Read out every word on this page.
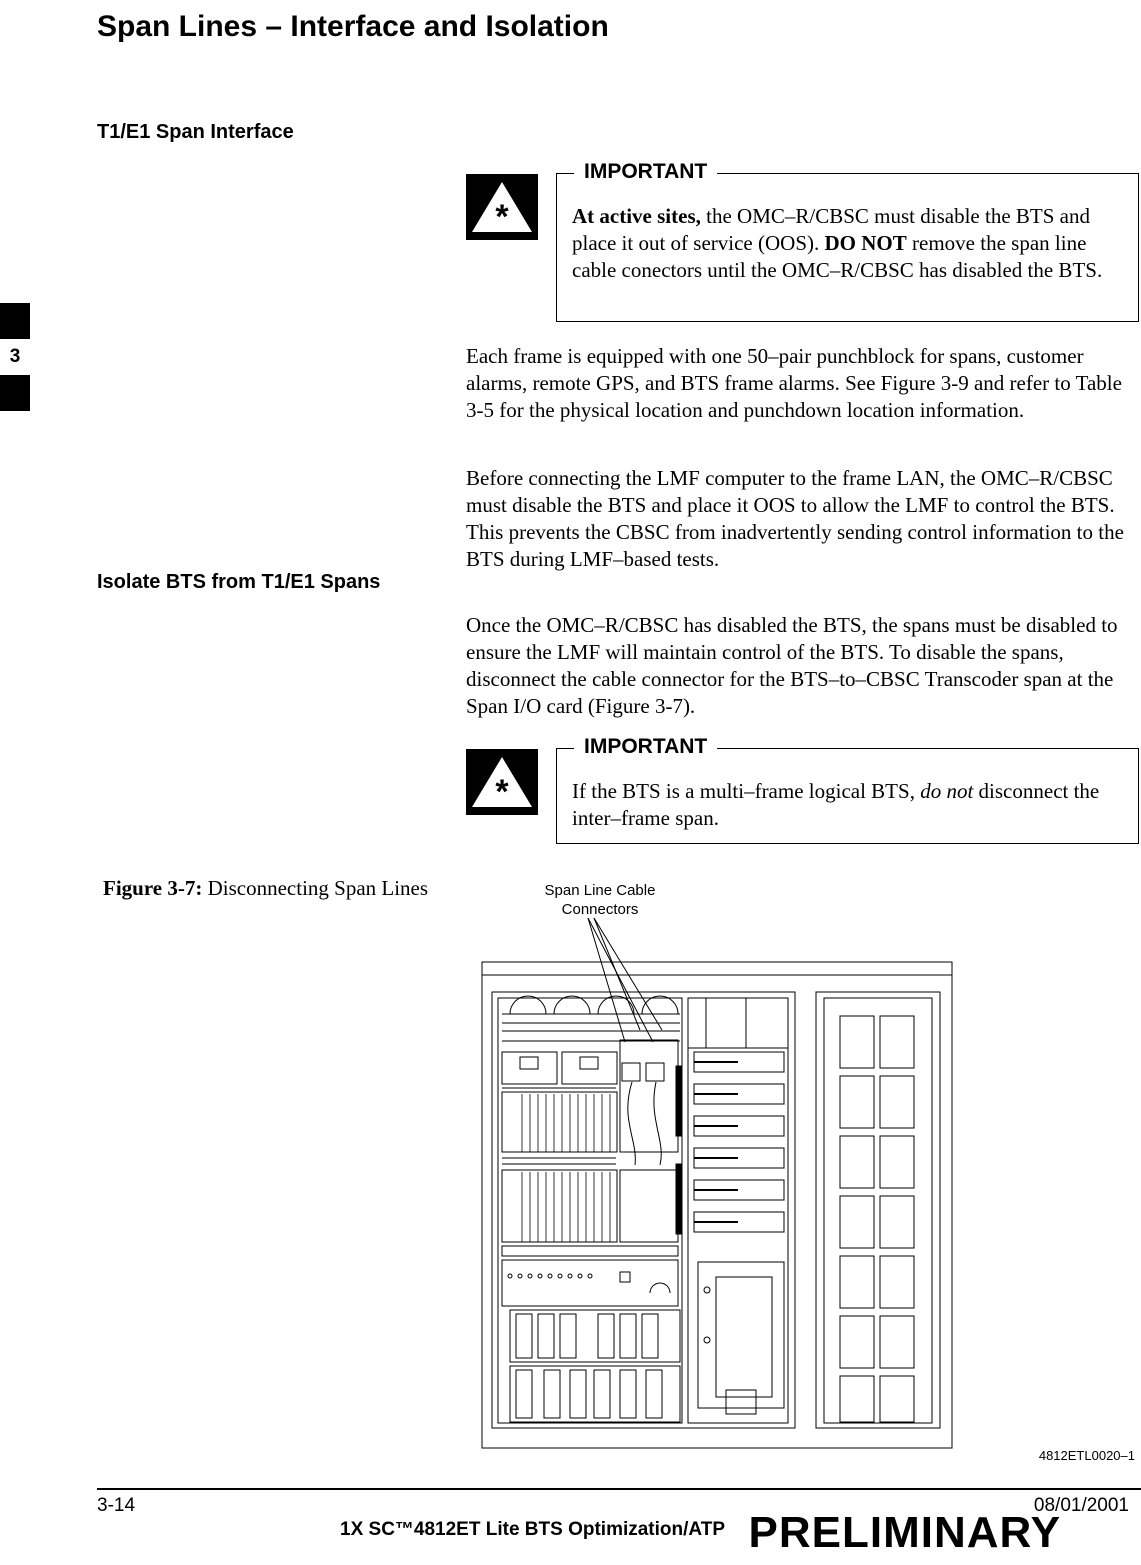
Span Lines – Interface and Isolation
T1/E1 Span Interface
*
IMPORTANT
At active sites, the OMC–R/CBSC must disable the BTS and place it out of service (OOS). DO NOT remove the span line cable conectors until the OMC–R/CBSC has disabled the BTS.
Each frame is equipped with one 50–pair punchblock for spans, customer alarms, remote GPS, and BTS frame alarms. See Figure 3-9 and refer to Table 3-5 for the physical location and punchdown location information.
Before connecting the LMF computer to the frame LAN, the OMC–R/CBSC must disable the BTS and place it OOS to allow the LMF to control the BTS. This prevents the CBSC from inadvertently sending control information to the BTS during LMF–based tests.
Isolate BTS from T1/E1 Spans
Once the OMC–R/CBSC has disabled the BTS, the spans must be disabled to ensure the LMF will maintain control of the BTS. To disable the spans, disconnect the cable connector for the BTS–to–CBSC Transcoder span at the Span I/O card (Figure 3-7).
*
IMPORTANT
If the BTS is a multi–frame logical BTS, do not disconnect the inter–frame span.
3
Figure 3-7: Disconnecting Span Lines	Span Line Cable
Connectors
4812ETL0020–1
3-14
1X SC™4812ET Lite BTS Optimization/ATP
08/01/2001
PRELIMINARY
